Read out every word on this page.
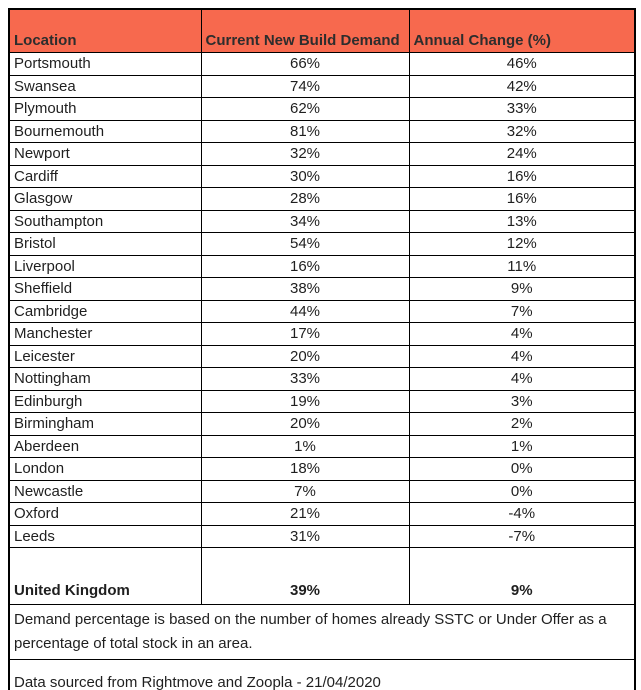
Location	Current New Build Demand	Annual Change (%)
Portsmouth	66%	46%
Swansea	74%	42%
Plymouth	62%	33%
Bournemouth	81%	32%
Newport	32%	24%
Cardiff	30%	16%
Glasgow	28%	16%
Southampton	34%	13%
Bristol	54%	12%
Liverpool	16%	11%
Sheffield	38%	9%
Cambridge	44%	7%
Manchester	17%	4%
Leicester	20%	4%
Nottingham	33%	4%
Edinburgh	19%	3%
Birmingham	20%	2%
Aberdeen	1%	1%
London	18%	0%
Newcastle	7%	0%
Oxford	21%	-4%
Leeds	31%	-7%
United Kingdom	39%	9%
Demand percentage is based on the number of homes already SSTC or Under Offer as a percentage of total stock in an area.		
Data sourced from Rightmove and Zoopla - 21/04/2020		
